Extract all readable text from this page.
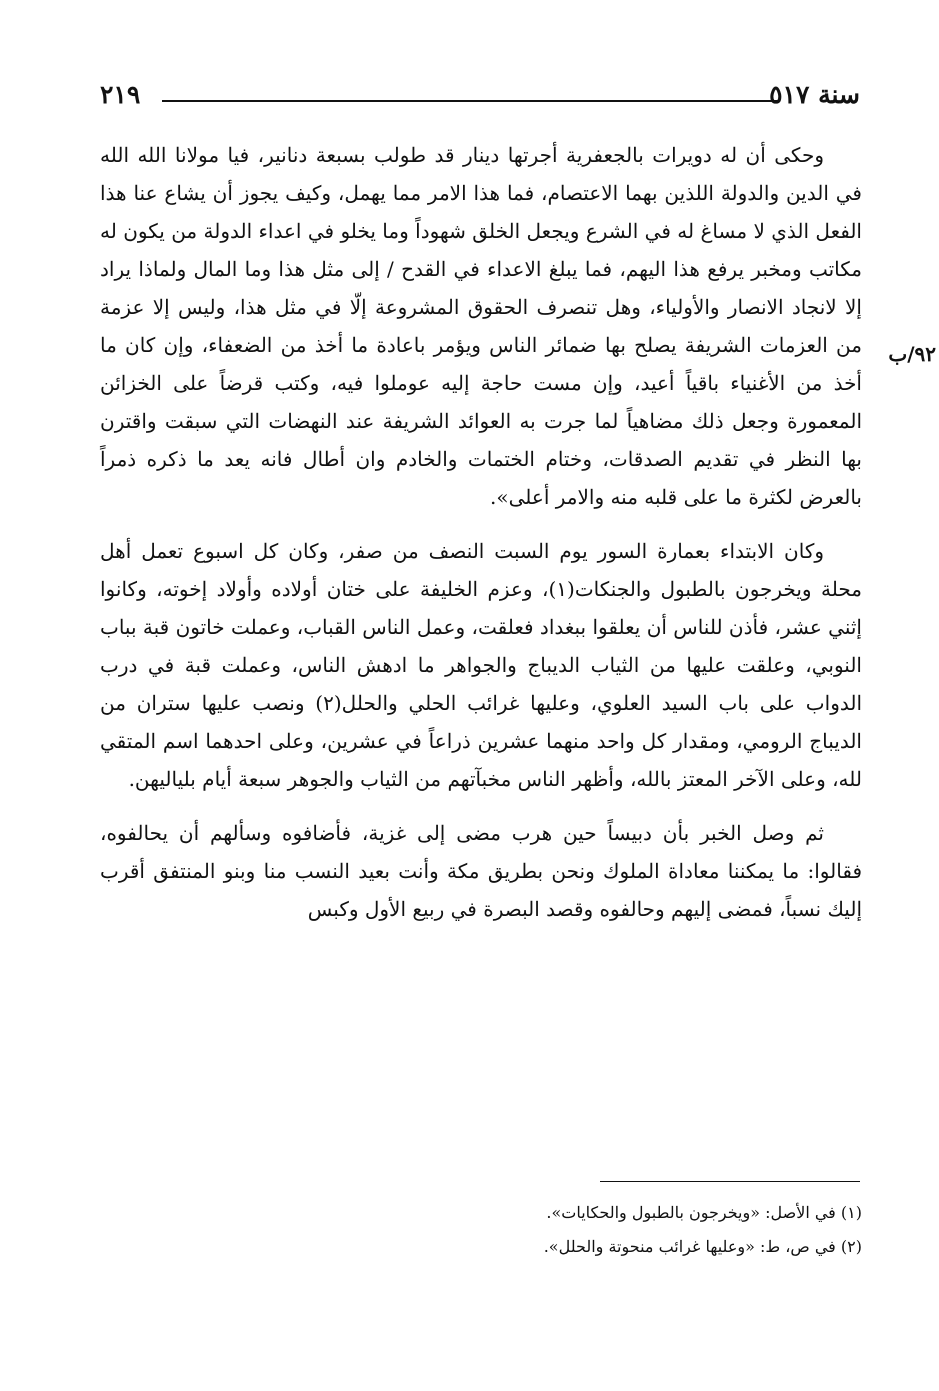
سنة ٥١٧
٢١٩
٩٢/ب

وحكى أن له دويرات بالجعفرية أجرتها دينار قد طولب بسبعة دنانير، فيا مولانا الله الله في الدين والدولة اللذين بهما الاعتصام، فما هذا الامر مما يهمل، وكيف يجوز أن يشاع عنا هذا الفعل الذي لا مساغ له في الشرع ويجعل الخلق شهوداً وما يخلو في اعداء الدولة من يكون له مكاتب ومخبر يرفع هذا اليهم، فما يبلغ الاعداء في القدح / إلى مثل هذا وما المال ولماذا يراد إلا لانجاد الانصار والأولياء، وهل تنصرف الحقوق المشروعة إلّا في مثل هذا، وليس إلا عزمة من العزمات الشريفة يصلح بها ضمائر الناس ويؤمر باعادة ما أخذ من الضعفاء، وإن كان ما أخذ من الأغنياء باقياً أعيد، وإن مست حاجة إليه عوملوا فيه، وكتب قرضاً على الخزائن المعمورة وجعل ذلك مضاهياً لما جرت به العوائد الشريفة عند النهضات التي سبقت واقترن بها النظر في تقديم الصدقات، وختام الختمات والخادم وان أطال فانه يعد ما ذكره ذمراً بالعرض لكثرة ما على قلبه منه والامر أعلى».

وكان الابتداء بعمارة السور يوم السبت النصف من صفر، وكان كل اسبوع تعمل أهل محلة ويخرجون بالطبول والجنكات(١)، وعزم الخليفة على ختان أولاده وأولاد إخوته، وكانوا إثني عشر، فأذن للناس أن يعلقوا ببغداد فعلقت، وعمل الناس القباب، وعملت خاتون قبة بباب النوبي، وعلقت عليها من الثياب الديباج والجواهر ما ادهش الناس، وعملت قبة في درب الدواب على باب السيد العلوي، وعليها غرائب الحلي والحلل(٢) ونصب عليها ستران من الديباج الرومي، ومقدار كل واحد منهما عشرين ذراعاً في عشرين، وعلى احدهما اسم المتقي لله، وعلى الآخر المعتز بالله، وأظهر الناس مخبآتهم من الثياب والجوهر سبعة أيام بلياليهن.

ثم وصل الخبر بأن دبيساً حين هرب مضى إلى غزية، فأضافوه وسألهم أن يحالفوه، فقالوا: ما يمكننا معاداة الملوك ونحن بطريق مكة وأنت بعيد النسب منا وبنو المنتفق أقرب إليك نسباً، فمضى إليهم وحالفوه وقصد البصرة في ربيع الأول وكبس

(١) في الأصل: «ويخرجون بالطبول والحكايات».
(٢) في ص، ط: «وعليها غرائب منحوتة والحلل».
